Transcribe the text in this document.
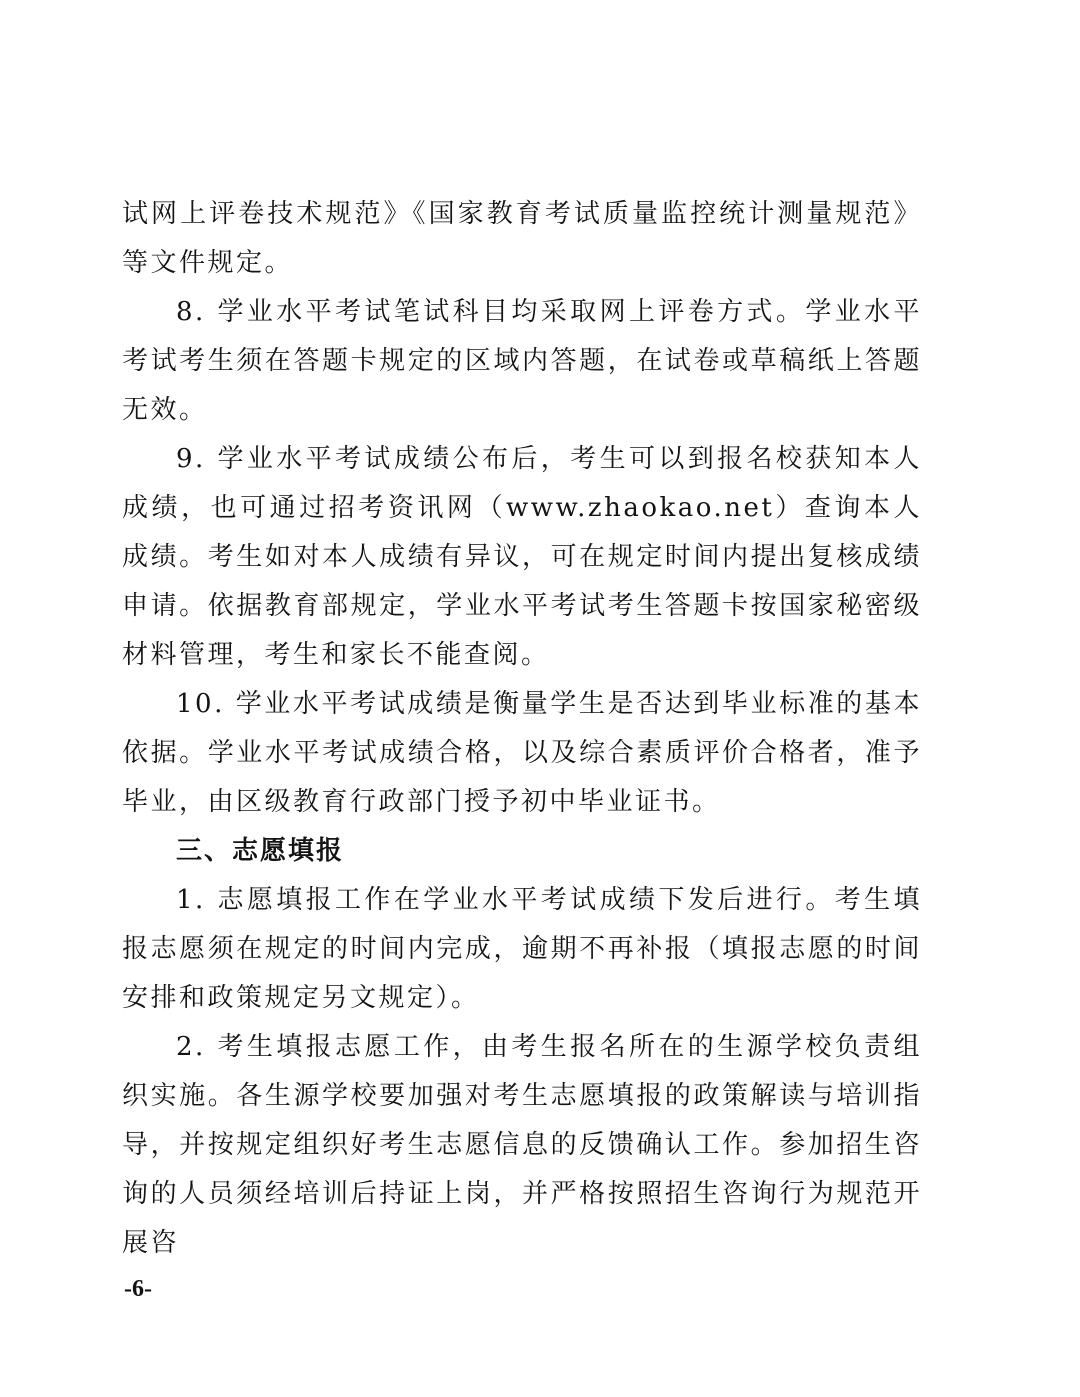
试网上评卷技术规范》《国家教育考试质量监控统计测量规范》等文件规定。

8. 学业水平考试笔试科目均采取网上评卷方式。学业水平考试考生须在答题卡规定的区域内答题，在试卷或草稿纸上答题无效。

9. 学业水平考试成绩公布后，考生可以到报名校获知本人成绩，也可通过招考资讯网（www.zhaokao.net）查询本人成绩。考生如对本人成绩有异议，可在规定时间内提出复核成绩申请。依据教育部规定，学业水平考试考生答题卡按国家秘密级材料管理，考生和家长不能查阅。

10. 学业水平考试成绩是衡量学生是否达到毕业标准的基本依据。学业水平考试成绩合格，以及综合素质评价合格者，准予毕业，由区级教育行政部门授予初中毕业证书。

三、志愿填报

1. 志愿填报工作在学业水平考试成绩下发后进行。考生填报志愿须在规定的时间内完成，逾期不再补报（填报志愿的时间安排和政策规定另文规定）。

2. 考生填报志愿工作，由考生报名所在的生源学校负责组织实施。各生源学校要加强对考生志愿填报的政策解读与培训指导，并按规定组织好考生志愿信息的反馈确认工作。参加招生咨询的人员须经培训后持证上岗，并严格按照招生咨询行为规范开展咨

-6-
